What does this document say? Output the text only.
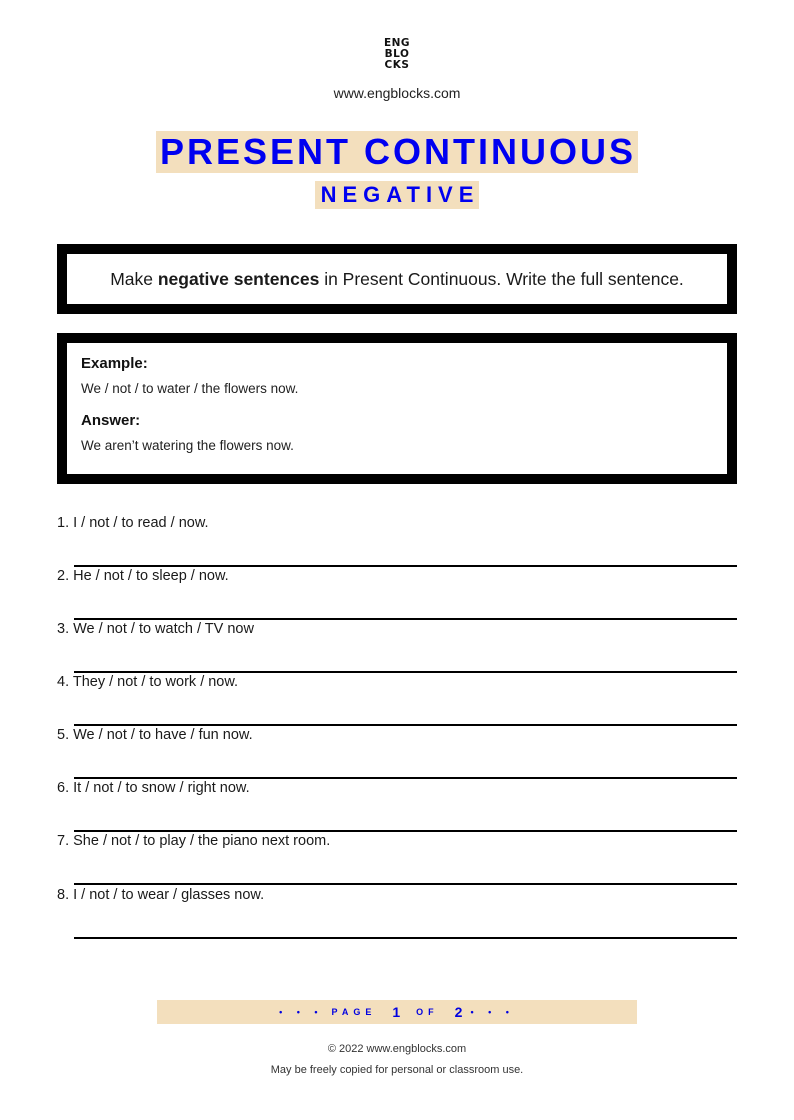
ENG
BLO
CKS
www.engblocks.com
PRESENT CONTINUOUS
NEGATIVE
Make negative sentences in Present Continuous. Write the full sentence.

Example:

We / not / to water / the flowers now.

Answer:

We aren’t watering the flowers now.

1. I / not / to read / now.
2. He / not / to sleep / now.
3. We / not / to watch / TV now
4. They / not / to work / now.
5. We / not / to have / fun now.
6. It / not / to snow / right now.
7. She / not / to play / the piano next room.
8. I / not / to wear / glasses now.
• • • PAGE 1 OF 2 • • •
© 2022 www.engblocks.com
May be freely copied for personal or classroom use.
